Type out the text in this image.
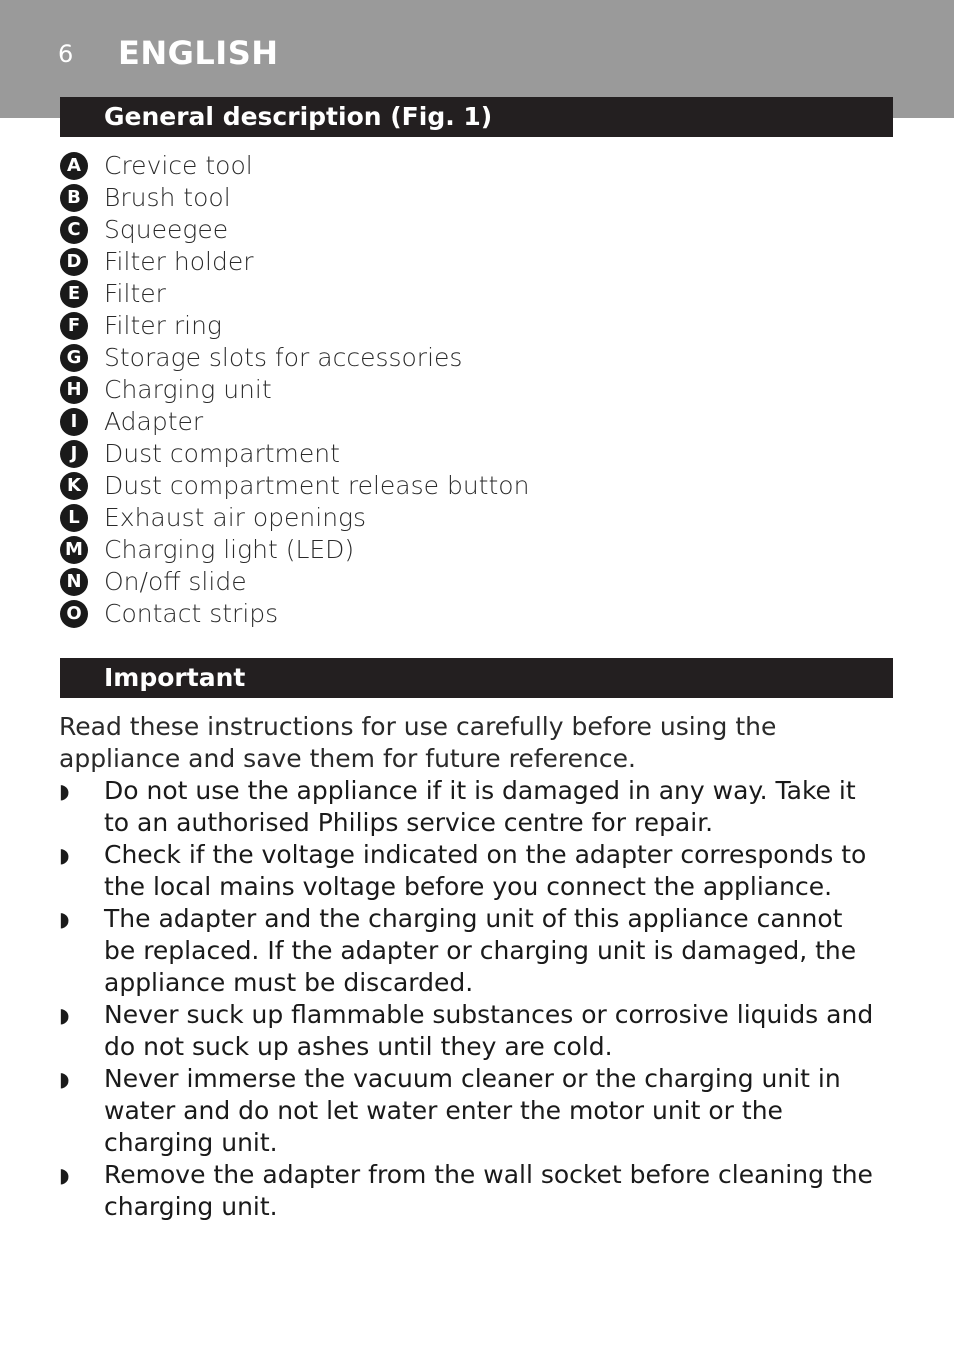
6 ENGLISH
General description (Fig. 1)
A Crevice tool
B Brush tool
C Squeegee
D Filter holder
E Filter
F Filter ring
G Storage slots for accessories
H Charging unit
I	Adapter
J	Dust compartment
K Dust compartment release button
L Exhaust air openings
M Charging light (LED)
N On/off slide
O Contact strips
Important

Read these instructions for use carefully before using the appliance and save them for future reference.

◗ Do not use the appliance if it is damaged in any way. Take it to an authorised Philips service centre for repair.
◗ Check if the voltage indicated on the adapter corresponds to the local mains voltage before you connect the appliance.
◗ The adapter and the charging unit of this appliance cannot be replaced. If the adapter or charging unit is damaged, the appliance must be discarded.
◗ Never suck up flammable substances or corrosive liquids and do not suck up ashes until they are cold.
◗ Never immerse the vacuum cleaner or the charging unit in water and do not let water enter the motor unit or the charging unit.
◗ Remove the adapter from the wall socket before cleaning the charging unit.
